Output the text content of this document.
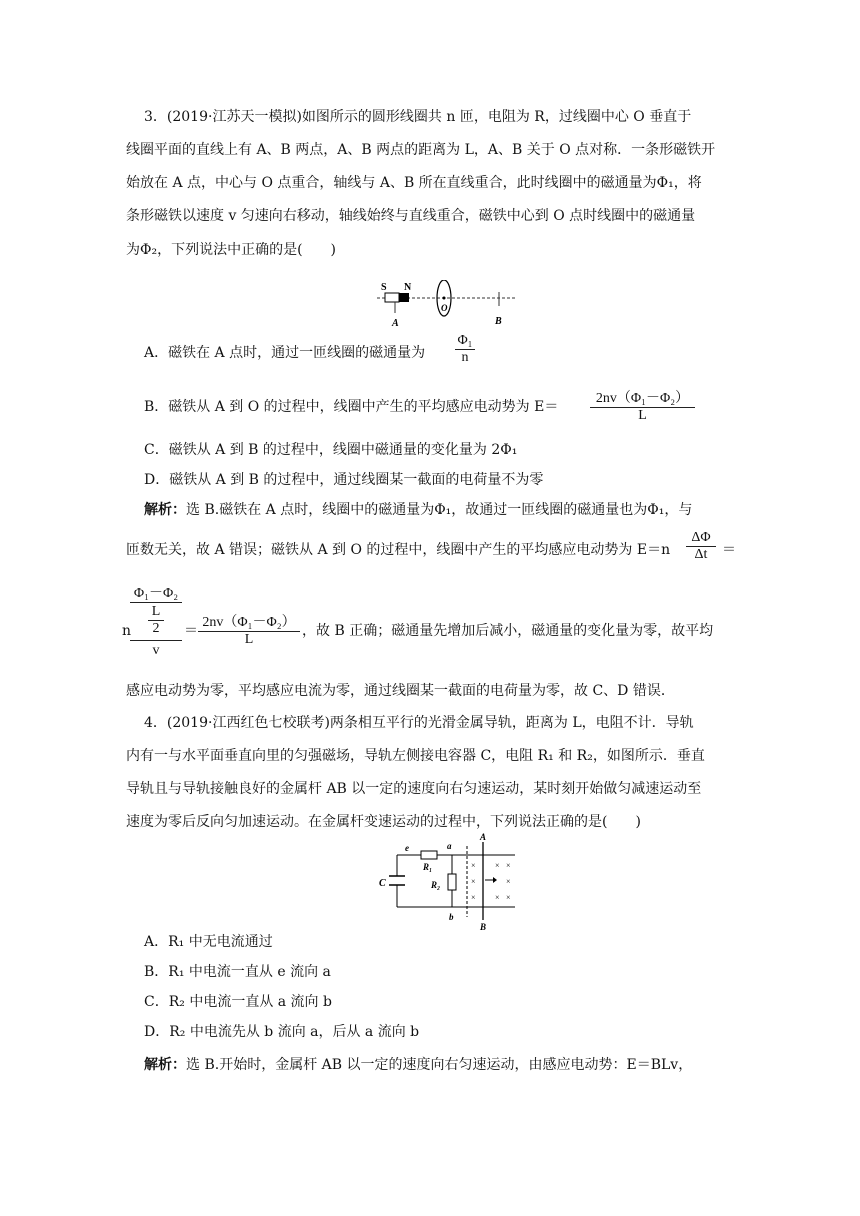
3．(2019·江苏天一模拟)如图所示的圆形线圈共 n 匝，电阻为 R，过线圈中心 O 垂直于
线圈平面的直线上有 A、B 两点，A、B 两点的距离为 L，A、B 关于 O 点对称．一条形磁铁开
始放在 A 点，中心与 O 点重合，轴线与 A、B 所在直线重合，此时线圈中的磁通量为Φ₁，将
条形磁铁以速度 v 匀速向右移动，轴线始终与直线重合，磁铁中心到 O 点时线圈中的磁通量
为Φ₂，下列说法中正确的是(　　)
S N
A
O
B
A．磁铁在 A 点时，通过一匝线圈的磁通量为 $\frac{\text{Φ₁}}{n}$
B．磁铁从 A 到 O 的过程中，线圈中产生的平均感应电动势为 $E= \frac{\text{2nv（Φ₁－Φ₂）}}{L}$
C．磁铁从 A 到 B 的过程中，线圈中磁通量的变化量为 2Φ₁
D．磁铁从 A 到 B 的过程中，通过线圈某一截面的电荷量不为零
解析：选 B.磁铁在 A 点时，线圈中的磁通量为Φ₁，故通过一匝线圈的磁通量也为Φ₁，与
匝数无关，故 A 错误；磁铁从 A 到 O 的过程中，线圈中产生的平均感应电动势为 $E=n \frac{\Delta\Phi}{\Delta t}$ ＝
Φ₁－Φ₂
$\frac{L}{2}$
n
v
＝ $\frac{\text{2nv（Φ₁－Φ₂）}}{L}$ ，故 B 正确；磁通量先增加后减小，磁通量的变化量为零，故平均
感应电动势为零，平均感应电流为零，通过线圈某一截面的电荷量为零，故 C、D 错误．
4．(2019·江西红色七校联考)两条相互平行的光滑金属导轨，距离为 L，电阻不计．导轨
内有一与水平面垂直向里的匀强磁场，导轨左侧接电容器 C，电阻 R₁ 和 R₂，如图所示．垂直
导轨且与导轨接触良好的金属杆 AB 以一定的速度向右匀速运动，某时刻开始做匀减速运动至
速度为零后反向匀加速运动。在金属杆变速运动的过程中，下列说法正确的是(　　)
C
R₁
e	a
R₂
b
A
B
× × ×
×	×
× × ×
A．R₁ 中无电流通过
B．R₁ 中电流一直从 e 流向 a
C．R₂ 中电流一直从 a 流向 b
D．R₂ 中电流先从 b 流向 a，后从 a 流向 b
解析：选 B.开始时，金属杆 AB 以一定的速度向右匀速运动，由感应电动势：E＝BLv，
